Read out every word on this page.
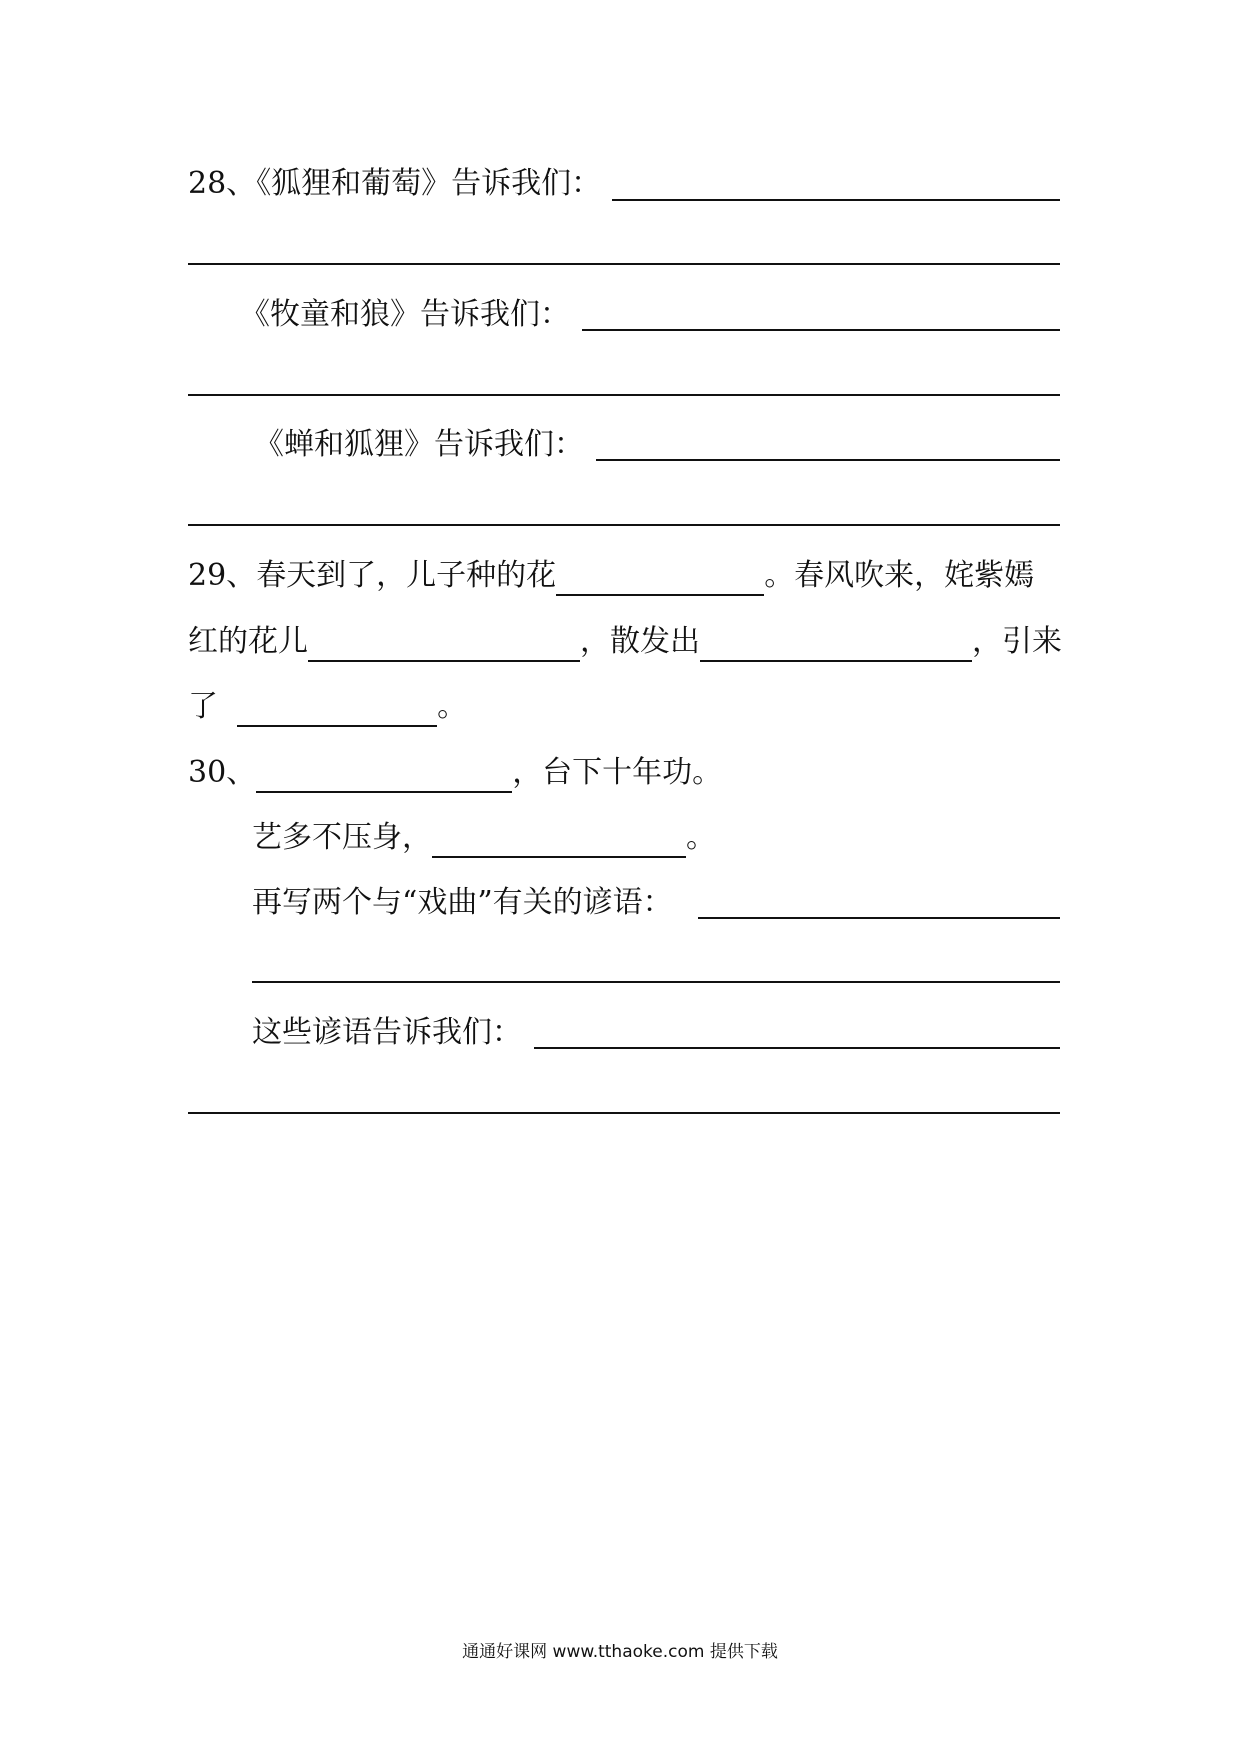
28、《狐狸和葡萄》告诉我们：
《牧童和狼》告诉我们：
《蝉和狐狸》告诉我们：
29、春天到了，儿子种的花	。春风吹来，姹紫嫣
红的花儿	，散发出	，引来
了	。
30、	，台下十年功。
艺多不压身，	。
再写两个与“戏曲”有关的谚语：
这些谚语告诉我们：
通通好课网 www.tthaoke.com 提供下载
